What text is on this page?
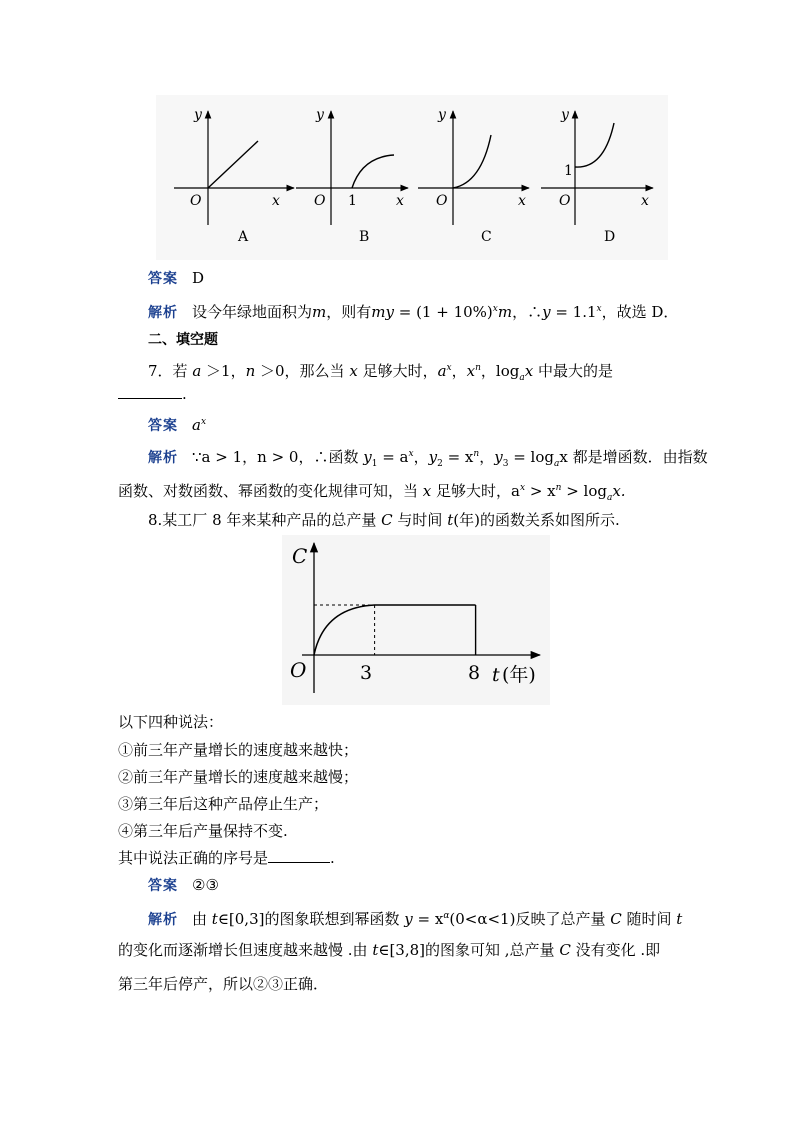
y
x
O
A
y
x
O 1
B
y
x
O
C
y
x
O
1
D
答案 D
解析 设今年绿地面积为m，则有my = $(1 + 10\%)^xm$，∴y = $1.1^x$，故选 D．
二、填空题
7．若 a ＞1，n ＞0，那么当 x 足够大时，$a^x$，$x^n$，$\log_ax$ 中最大的是
.
答案 $a^x$
解析 ∵a > 1，n > 0，∴函数 $y_1 = a^x$，$y_2 = x^n$，$y_3 = \log_ax$ 都是增函数．由指数
函数、对数函数、幂函数的变化规律可知，当 x 足够大时，$a^x > x^n > \log_ax$.
8.某工厂 8 年来某种产品的总产量 C 与时间 t(年)的函数关系如图所示.
C
O	3	8 t (年)
以下四种说法：
①前三年产量增长的速度越来越快；
②前三年产量增长的速度越来越慢；
③第三年后这种产品停止生产；
④第三年后产量保持不变.
其中说法正确的序号是	.
答案 ②③
解析 由 t∈[0,3]的图象联想到幂函数 $y = x^\alpha(0<\alpha<1)$反映了总产量 C 随时间 t
的变化而逐渐增长但速度越来越慢 .由 t∈[3,8]的图象可知 ,总产量 C 没有变化 .即
第三年后停产，所以②③正确．
